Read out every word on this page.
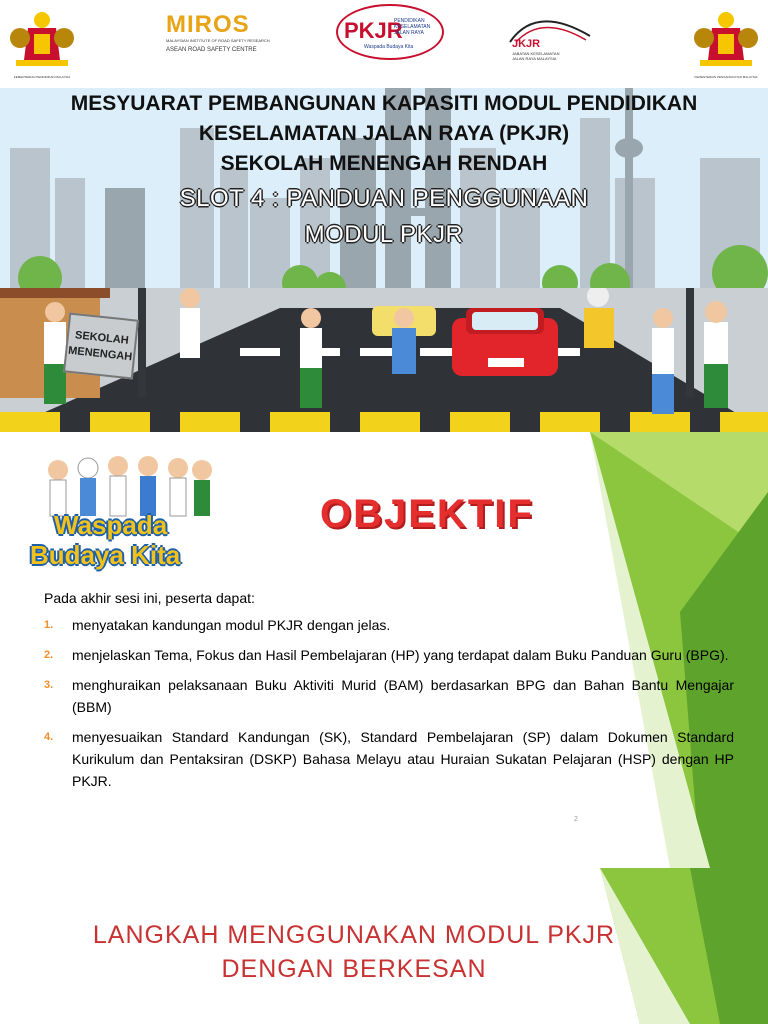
SEKOLAH
MENENGAH
KEMENTERIAN PENDIDIKAN MALAYSIA
MIROS
MALAYSIAN INSTITUTE OF ROAD SAFETY RESEARCH
ASEAN ROAD SAFETY CENTRE
PKJR
PENDIDIKAN
KESELAMATAN
JALAN RAYA
Waspada Budaya Kita	JKJR
JABATAN KESELAMATAN
JALAN RAYA MALAYSIA
KEMENTERIAN PENGANGKUTAN MALAYSIA
MESYUARAT PEMBANGUNAN KAPASITI MODUL PENDIDIKAN
KESELAMATAN JALAN RAYA (PKJR)
SEKOLAH MENENGAH RENDAH
SLOT 4 : PANDUAN PENGGUNAAN
MODUL PKJR
Waspada
Budaya Kita
OBJEKTIF
Pada akhir sesi ini, peserta dapat:
1. menyatakan kandungan modul PKJR dengan jelas.
2. menjelaskan Tema, Fokus dan Hasil Pembelajaran (HP) yang terdapat dalam Buku Panduan Guru (BPG).
3. menghuraikan pelaksanaan Buku Aktiviti Murid (BAM) berdasarkan BPG dan Bahan Bantu Mengajar (BBM)
4. menyesuaikan Standard Kandungan (SK), Standard Pembelajaran (SP) dalam Dokumen Standard Kurikulum dan Pentaksiran (DSKP) Bahasa Melayu atau Huraian Sukatan Pelajaran (HSP) dengan HP PKJR.
2
LANGKAH MENGGUNAKAN MODUL PKJR
DENGAN BERKESAN
